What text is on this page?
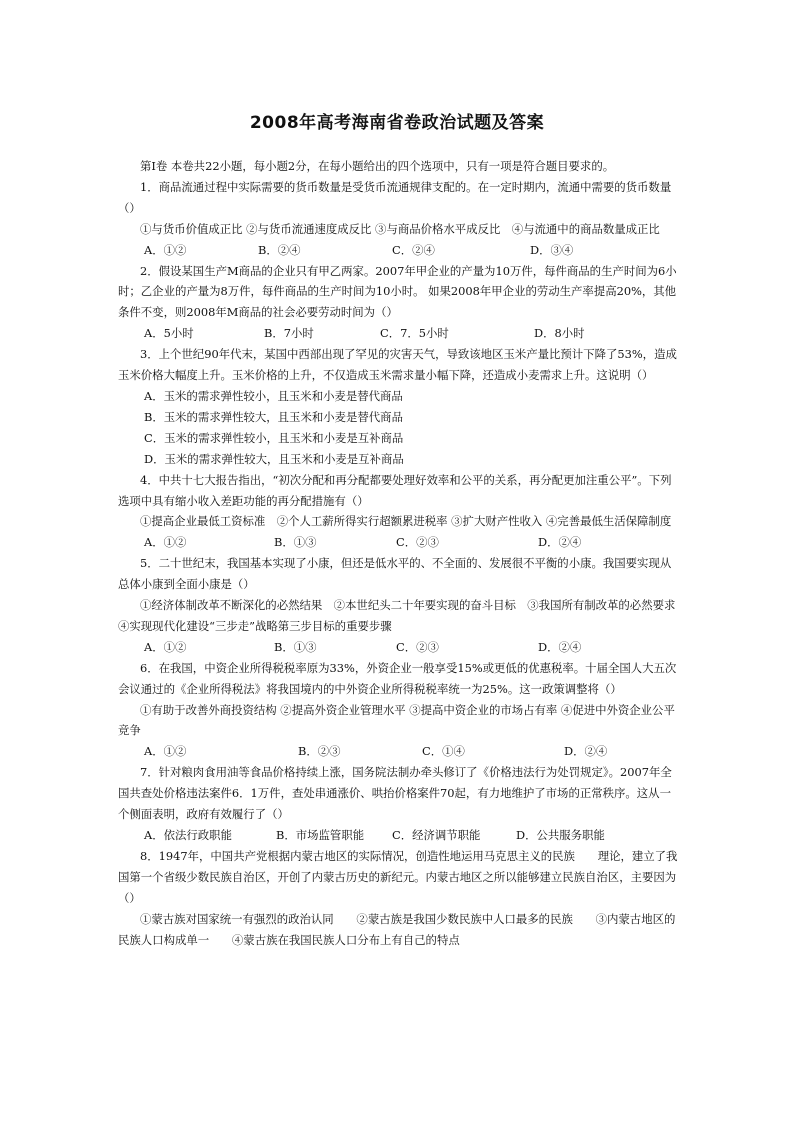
2008年高考海南省卷政治试题及答案

第Ⅰ卷 本卷共22小题，每小题2分，在每小题给出的四个选项中，只有一项是符合题目要求的。

1．商品流通过程中实际需要的货币数量是受货币流通规律支配的。在一定时期内，流通中需要的货币数量（）

①与货币价值成正比 ②与货币流通速度成反比 ③与商品价格水平成反比　④与流通中的商品数量成正比

A．①②	B．②④	C．②④	D．③④

2．假设某国生产M商品的企业只有甲乙两家。2007年甲企业的产量为10万件，每件商品的生产时间为6小时；乙企业的产量为8万件，每件商品的生产时间为10小时。 如果2008年甲企业的劳动生产率提高20%，其他条件不变，则2008年M商品的社会必要劳动时间为（）

A．5小时	B．7小时	C．7．5小时	D．8小时

3．上个世纪90年代末，某国中西部出现了罕见的灾害天气，导致该地区玉米产量比预计下降了53%，造成玉米价格大幅度上升。玉米价格的上升，不仅造成玉米需求量小幅下降，还造成小麦需求上升。这说明（）

A．玉米的需求弹性较小，且玉米和小麦是替代商品

B．玉米的需求弹性较大，且玉米和小麦是替代商品

C．玉米的需求弹性较小，且玉米和小麦是互补商品

D．玉米的需求弹性较大，且玉米和小麦是互补商品

4．中共十七大报告指出，“初次分配和再分配都要处理好效率和公平的关系，再分配更加注重公平”。下列选项中具有缩小收入差距功能的再分配措施有（）

①提高企业最低工资标准　②个人工薪所得实行超额累进税率 ③扩大财产性收入 ④完善最低生活保障制度

A．①②	B．①③	C．②③	D．②④

5．二十世纪末，我国基本实现了小康，但还是低水平的、不全面的、发展很不平衡的小康。我国要实现从总体小康到全面小康是（）

①经济体制改革不断深化的必然结果　②本世纪头二十年要实现的奋斗目标　③我国所有制改革的必然要求　④实现现代化建设“三步走”战略第三步目标的重要步骤

A．①②	B．①③	C．②③	D．②④

6．在我国，中资企业所得税税率原为33%，外资企业一般享受15%或更低的优惠税率。十届全国人大五次会议通过的《企业所得税法》将我国境内的中外资企业所得税税率统一为25%。这一政策调整将（）

①有助于改善外商投资结构 ②提高外资企业管理水平 ③提高中资企业的市场占有率 ④促进中外资企业公平竞争

A．①②	B．②③	C．①④	D．②④

7．针对粮肉食用油等食品价格持续上涨，国务院法制办牵头修订了《价格违法行为处罚规定》。2007年全国共查处价格违法案件6．1万件，查处串通涨价、哄抬价格案件70起，有力地维护了市场的正常秩序。这从一个侧面表明，政府有效履行了（）

A．依法行政职能	B．市场监管职能	C．经济调节职能	D．公共服务职能

8．1947年，中国共产党根据内蒙古地区的实际情况，创造性地运用马克思主义的民族　　理论，建立了我国第一个省级少数民族自治区，开创了内蒙古历史的新纪元。内蒙古地区之所以能够建立民族自治区，主要因为（）

①蒙古族对国家统一有强烈的政治认同　　②蒙古族是我国少数民族中人口最多的民族　　③内蒙古地区的民族人口构成单一　　④蒙古族在我国民族人口分布上有自己的特点
